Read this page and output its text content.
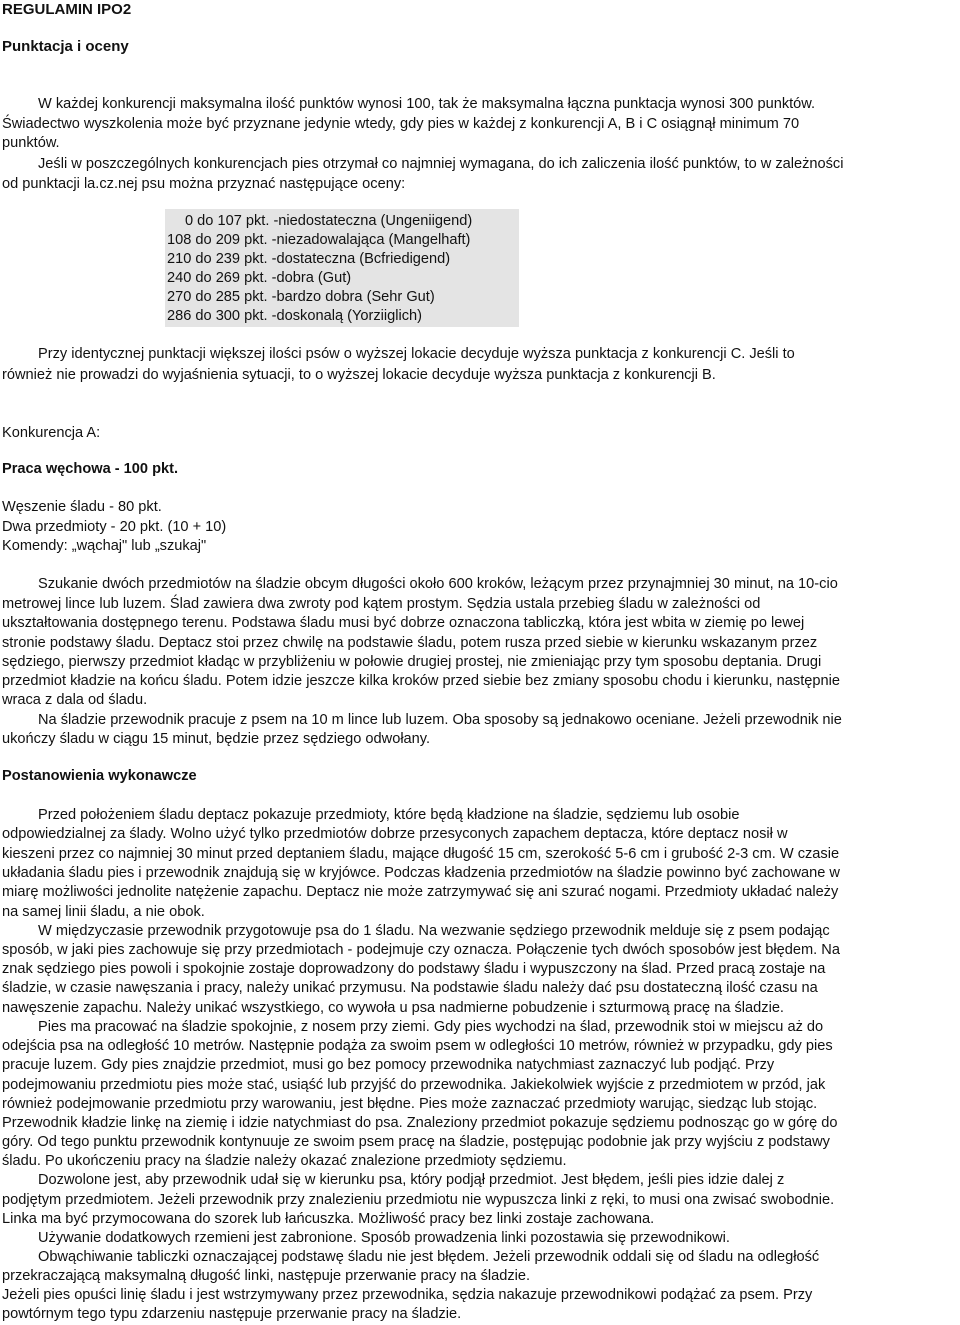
REGULAMIN IPO2
Punktacja i oceny
W każdej konkurencji maksymalna ilość punktów wynosi 100, tak że maksymalna łączna punktacja wynosi 300 punktów.
Świadectwo wyszkolenia może być przyznane jedynie wtedy, gdy pies w każdej z konkurencji A, B i C osiągnął minimum 70
punktów.
Jeśli w poszczególnych konkurencjach pies otrzymał co najmniej wymagana, do ich zaliczenia ilość punktów, to w zależności
od punktacji la.cz.nej psu można przyznać następujące oceny:
0 do 107 pkt. -niedostateczna (Ungeniigend)
108 do 209 pkt. -niezadowalająca (Mangelhaft)
210 do 239 pkt. -dostateczna (Bcfriedigend)
240 do 269 pkt. -dobra (Gut)
270 do 285 pkt. -bardzo dobra (Sehr Gut)
286 do 300 pkt. -doskonalą (Yorziiglich)
Przy identycznej punktacji większej ilości psów o wyższej lokacie decyduje wyższa punktacja z konkurencji C. Jeśli to
również nie prowadzi do wyjaśnienia sytuacji, to o wyższej lokacie decyduje wyższa punktacja z konkurencji B.
Konkurencja A:
Praca węchowa - 100 pkt.
Węszenie śladu - 80 pkt.
Dwa przedmioty - 20 pkt. (10 + 10)
Komendy: „wąchaj" lub „szukaj"
Szukanie dwóch przedmiotów na śladzie obcym długości około 600 kroków, leżącym przez przynajmniej 30 minut, na 10-cio
metrowej lince lub luzem. Ślad zawiera dwa zwroty pod kątem prostym. Sędzia ustala przebieg śladu w zależności od
ukształtowania dostępnego terenu. Podstawa śladu musi być dobrze oznaczona tabliczką, która jest wbita w ziemię po lewej
stronie podstawy śladu. Deptacz stoi przez chwilę na podstawie śladu, potem rusza przed siebie w kierunku wskazanym przez
sędziego, pierwszy przedmiot kładąc w przybliżeniu w połowie drugiej prostej, nie zmieniając przy tym sposobu deptania. Drugi
przedmiot kładzie na końcu śladu. Potem idzie jeszcze kilka kroków przed siebie bez zmiany sposobu chodu i kierunku, następnie
wraca z dala od śladu.
Na śladzie przewodnik pracuje z psem na 10 m lince lub luzem. Oba sposoby są jednakowo oceniane. Jeżeli przewodnik nie
ukończy śladu w ciągu 15 minut, będzie przez sędziego odwołany.
Postanowienia wykonawcze
Przed położeniem śladu deptacz pokazuje przedmioty, które będą kładzione na śladzie, sędziemu lub osobie
odpowiedzialnej za ślady. Wolno użyć tylko przedmiotów dobrze przesyconych zapachem deptacza, które deptacz nosił w
kieszeni przez co najmniej 30 minut przed deptaniem śladu, mające długość 15 cm, szerokość 5-6 cm i grubość 2-3 cm. W czasie
układania śladu pies i przewodnik znajdują się w kryjówce. Podczas kładzenia przedmiotów na śladzie powinno być zachowane w
miarę możliwości jednolite natężenie zapachu. Deptacz nie może zatrzymywać się ani szurać nogami. Przedmioty układać należy
na samej linii śladu, a nie obok.
W międzyczasie przewodnik przygotowuje psa do 1 śladu. Na wezwanie sędziego przewodnik melduje się z psem podając
sposób, w jaki pies zachowuje się przy przedmiotach - podejmuje czy oznacza. Połączenie tych dwóch sposobów jest błędem. Na
znak sędziego pies powoli i spokojnie zostaje doprowadzony do podstawy śladu i wypuszczony na ślad. Przed pracą zostaje na
śladzie, w czasie nawęszania i pracy, należy unikać przymusu. Na podstawie śladu należy dać psu dostateczną ilość czasu na
nawęszenie zapachu. Należy unikać wszystkiego, co wywoła u psa nadmierne pobudzenie i szturmową pracę na śladzie.
Pies ma pracować na śladzie spokojnie, z nosem przy ziemi. Gdy pies wychodzi na ślad, przewodnik stoi w miejscu aż do
odejścia psa na odległość 10 metrów. Następnie podąża za swoim psem w odległości 10 metrów, również w przypadku, gdy pies
pracuje luzem. Gdy pies znajdzie przedmiot, musi go bez pomocy przewodnika natychmiast zaznaczyć lub podjąć. Przy
podejmowaniu przedmiotu pies może stać, usiąść lub przyjść do przewodnika. Jakiekolwiek wyjście z przedmiotem w przód, jak
również podejmowanie przedmiotu przy warowaniu, jest błędne. Pies może zaznaczać przedmioty warując, siedząc lub stojąc.
Przewodnik kładzie linkę na ziemię i idzie natychmiast do psa. Znaleziony przedmiot pokazuje sędziemu podnosząc go w górę do
góry. Od tego punktu przewodnik kontynuuje ze swoim psem pracę na śladzie, postępując podobnie jak przy wyjściu z podstawy
śladu. Po ukończeniu pracy na śladzie należy okazać znalezione przedmioty sędziemu.
Dozwolone jest, aby przewodnik udał się w kierunku psa, który podjął przedmiot. Jest błędem, jeśli pies idzie dalej z
podjętym przedmiotem. Jeżeli przewodnik przy znalezieniu przedmiotu nie wypuszcza linki z ręki, to musi ona zwisać swobodnie.
Linka ma być przymocowana do szorek lub łańcuszka. Możliwość pracy bez linki zostaje zachowana.
Używanie dodatkowych rzemieni jest zabronione. Sposób prowadzenia linki pozostawia się przewodnikowi.
Obwąchiwanie tabliczki oznaczającej podstawę śladu nie jest błędem. Jeżeli przewodnik oddali się od śladu na odległość
przekraczającą maksymalną długość linki, następuje przerwanie pracy na śladzie.
Jeżeli pies opuści linię śladu i jest wstrzymywany przez przewodnika, sędzia nakazuje przewodnikowi podążać za psem. Przy
powtórnym tego typu zdarzeniu następuje przerwanie pracy na śladzie.
